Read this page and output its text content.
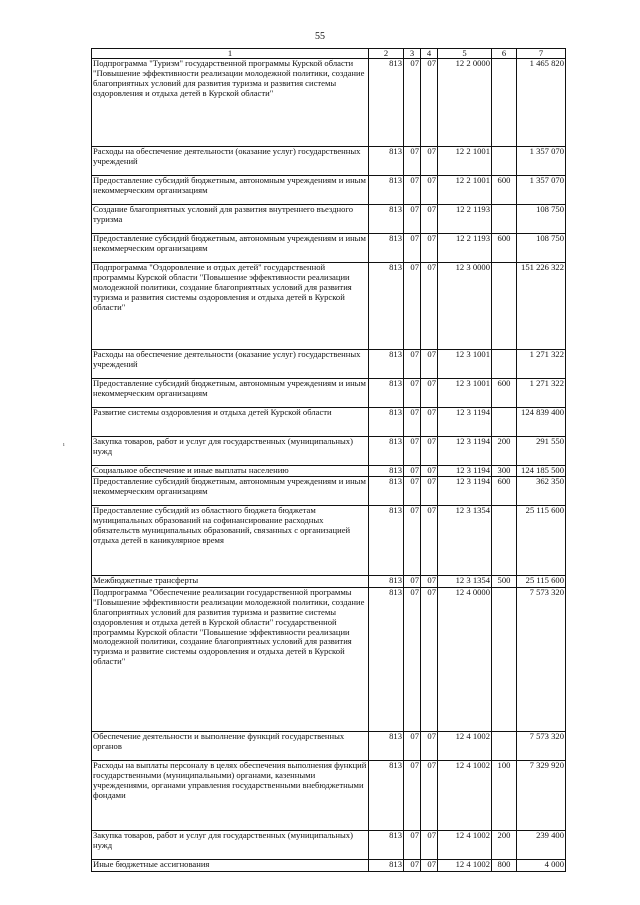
55
1	2	3	4	5	6	7
Подпрограмма "Туризм" государственной программы Курской области "Повышение эффективности реализации молодежной политики, создание благоприятных условий для развития туризма и развития системы оздоровления и отдыха детей в Курской области"	813	07	07	12 2 0000		1 465 820
Расходы на обеспечение деятельности (оказание услуг) государственных учреждений	813	07	07	12 2 1001		1 357 070
Предоставление субсидий бюджетным, автономным учреждениям и иным некоммерческим организациям	813	07	07	12 2 1001	600	1 357 070
Создание благоприятных условий для развития внутреннего въездного туризма	813	07	07	12 2 1193		108 750
Предоставление субсидий бюджетным, автономным учреждениям и иным некоммерческим организациям	813	07	07	12 2 1193	600	108 750
Подпрограмма "Оздоровление и отдых детей" государственной программы Курской области "Повышение эффективности реализации молодежной политики, создание благоприятных условий для развития туризма и развития системы оздоровления и отдыха детей в Курской области"	813	07	07	12 3 0000		151 226 322
Расходы на обеспечение деятельности (оказание услуг) государственных учреждений	813	07	07	12 3 1001		1 271 322
Предоставление субсидий бюджетным, автономным учреждениям и иным некоммерческим организациям	813	07	07	12 3 1001	600	1 271 322
Развитие системы оздоровления и отдыха детей Курской области	813	07	07	12 3 1194		124 839 400
Закупка товаров, работ и услуг для государственных (муниципальных) нужд	813	07	07	12 3 1194	200	291 550
Социальное обеспечение и иные выплаты населению	813	07	07	12 3 1194	300	124 185 500
Предоставление субсидий бюджетным, автономным учреждениям и иным некоммерческим организациям	813	07	07	12 3 1194	600	362 350
Предоставление субсидий из областного бюджета бюджетам муниципальных образований на софинансирование расходных обязательств муниципальных образований, связанных с организацией отдыха детей в каникулярное время	813	07	07	12 3 1354		25 115 600
Межбюджетные трансферты	813	07	07	12 3 1354	500	25 115 600
Подпрограмма "Обеспечение реализации государственной программы "Повышение эффективности реализации молодежной политики, создание благоприятных условий для развития туризма и развитие системы оздоровления и отдыха детей в Курской области" государственной программы Курской области "Повышение эффективности реализации молодежной политики, создание благоприятных условий для развития туризма и развитие системы оздоровления и отдыха детей в Курской области"	813	07	07	12 4 0000		7 573 320
Обеспечение деятельности и выполнение функций государственных органов	813	07	07	12 4 1002		7 573 320
Расходы на выплаты персоналу в целях обеспечения выполнения функций государственными (муниципальными) органами, казенными учреждениями, органами управления государственными внебюджетными фондами	813	07	07	12 4 1002	100	7 329 920
Закупка товаров, работ и услуг для государственных (муниципальных) нужд	813	07	07	12 4 1002	200	239 400
Иные бюджетные ассигнования	813	07	07	12 4 1002	800	4 000
ı
